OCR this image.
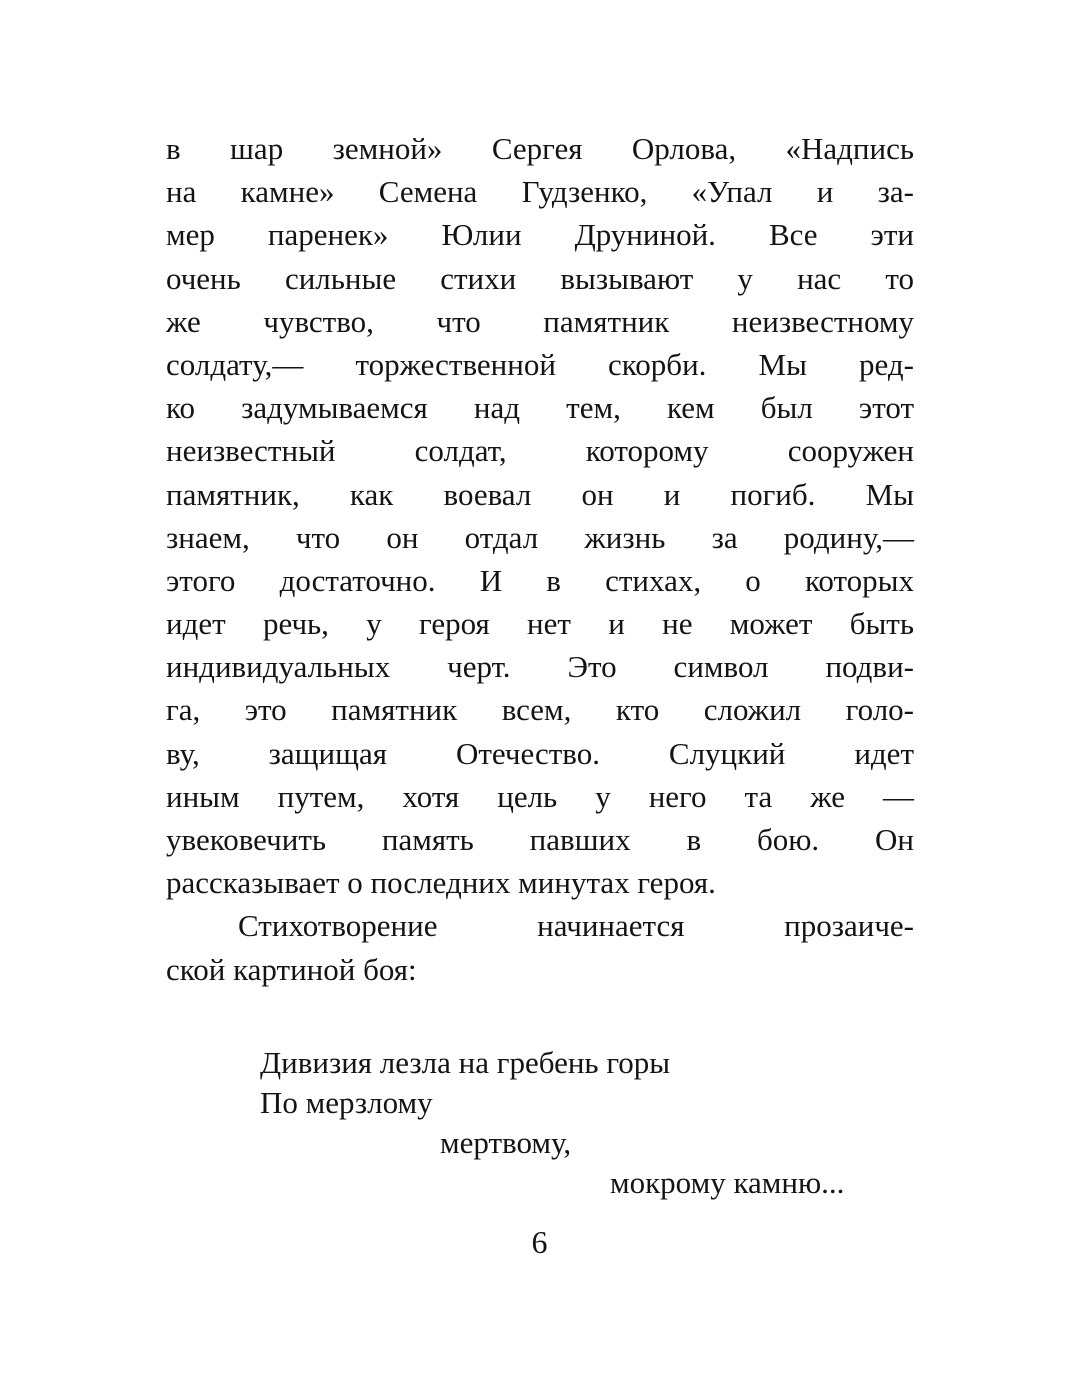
в шар земной» Сергея Орлова, «Надпись
на камне» Семена Гудзенко, «Упал и за-
мер паренек» Юлии Друниной. Все эти
очень сильные стихи вызывают у нас то
же чувство, что памятник неизвестному
солдату,— торжественной скорби. Мы ред-
ко задумываемся над тем, кем был этот
неизвестный солдат, которому сооружен
памятник, как воевал он и погиб. Мы
знаем, что он отдал жизнь за родину,—
этого достаточно. И в стихах, о которых
идет речь, у героя нет и не может быть
индивидуальных черт. Это символ подви-
га, это памятник всем, кто сложил голо-
ву, защищая Отечество. Слуцкий идет
иным путем, хотя цель у него та же —
увековечить память павших в бою. Он
рассказывает о последних минутах героя.
Стихотворение начинается прозаиче-
ской картиной боя:
Дивизия лезла на гребень горы
По мерзлому
мертвому,
мокрому камню...
6
